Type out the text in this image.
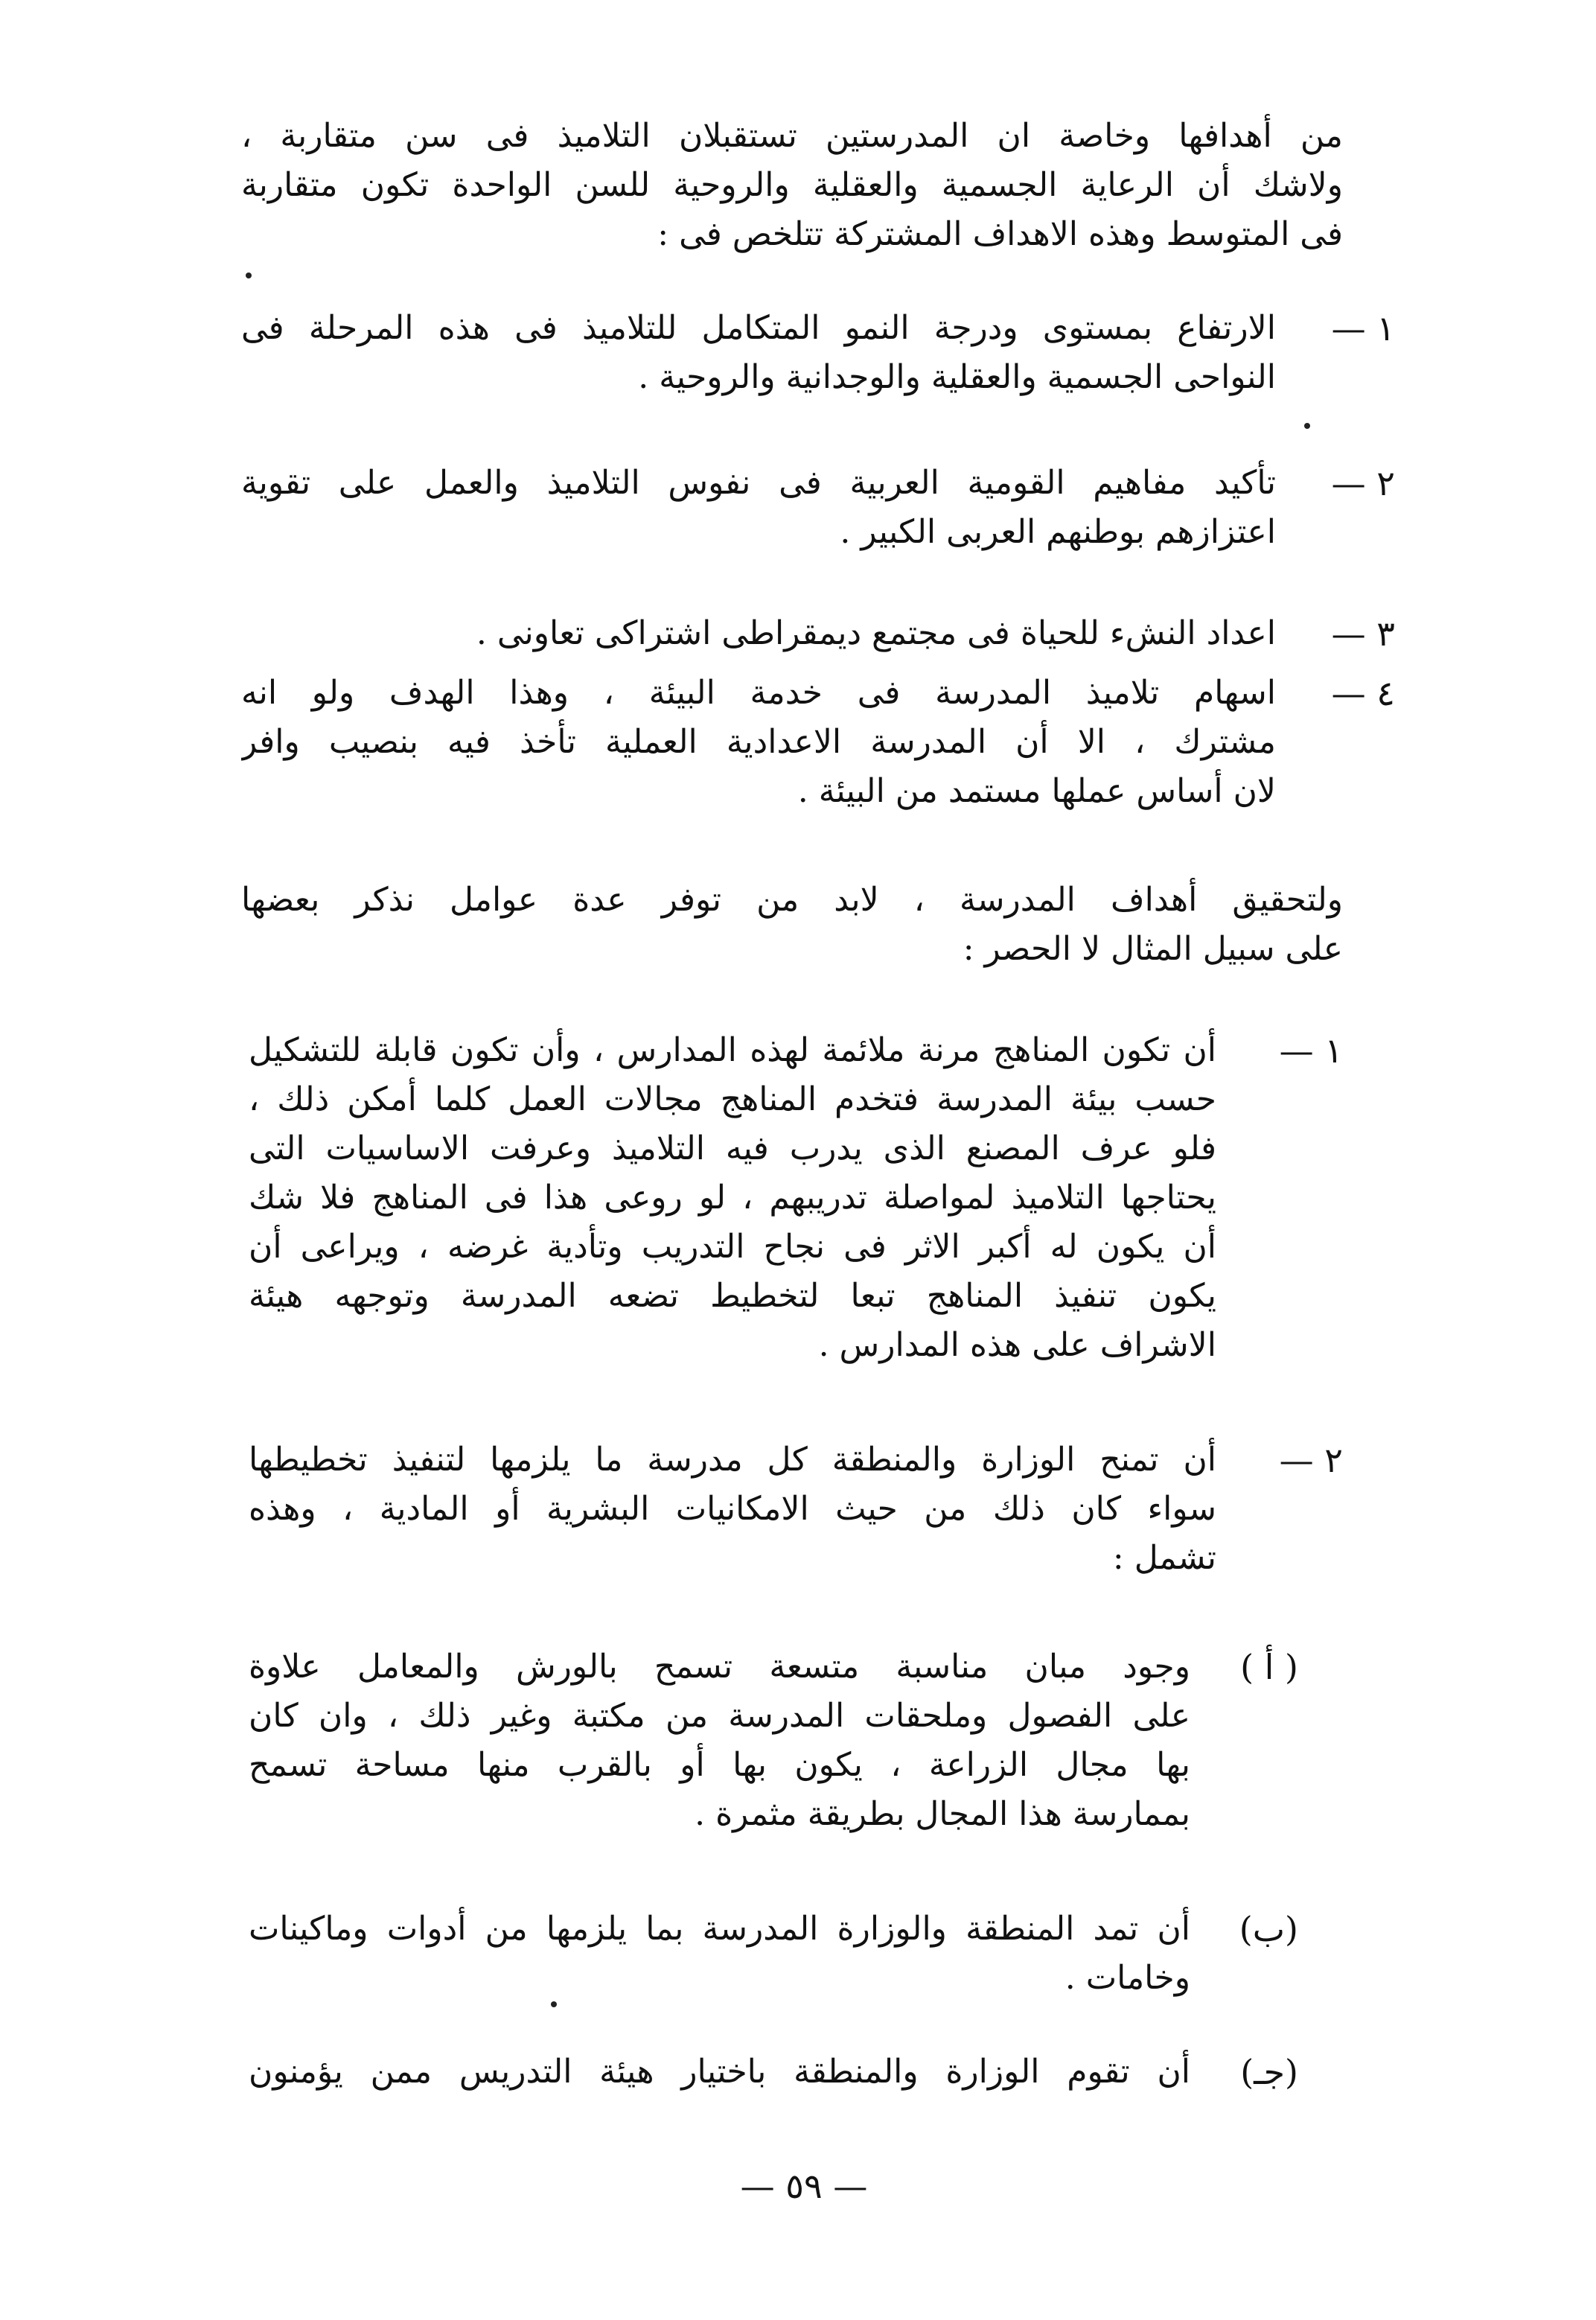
من أهدافها وخاصة ان المدرستين تستقبلان التلاميذ فى سن متقاربة ،
ولاشك أن الرعاية الجسمية والعقلية والروحية للسن الواحدة تكون متقاربة
فى المتوسط وهذه الاهداف المشتركة تتلخص فى :
١ —
الارتفاع بمستوى ودرجة النمو المتكامل للتلاميذ فى هذه المرحلة فى
النواحى الجسمية والعقلية والوجدانية والروحية .
٢ —
تأكيد مفاهيم القومية العربية فى نفوس التلاميذ والعمل على تقوية
اعتزازهم بوطنهم العربى الكبير .
٣ —
اعداد النشء للحياة فى مجتمع ديمقراطى اشتراكى تعاونى .
٤ —
اسهام تلاميذ المدرسة فى خدمة البيئة ، وهذا الهدف ولو انه
مشترك ، الا أن المدرسة الاعدادية العملية تأخذ فيه بنصيب وافر
لان أساس عملها مستمد من البيئة .
ولتحقيق أهداف المدرسة ، لابد من توفر عدة عوامل نذكر بعضها
على سبيل المثال لا الحصر :
١ —
أن تكون المناهج مرنة ملائمة لهذه المدارس ، وأن تكون قابلة للتشكيل
حسب بيئة المدرسة فتخدم المناهج مجالات العمل كلما أمكن ذلك ،
فلو عرف المصنع الذى يدرب فيه التلاميذ وعرفت الاساسيات التى
يحتاجها التلاميذ لمواصلة تدريبهم ، لو روعى هذا فى المناهج فلا شك
أن يكون له أكبر الاثر فى نجاح التدريب وتأدية غرضه ، ويراعى أن
يكون تنفيذ المناهج تبعا لتخطيط تضعه المدرسة وتوجهه هيئة
الاشراف على هذه المدارس .
٢ —
أن تمنح الوزارة والمنطقة كل مدرسة ما يلزمها لتنفيذ تخطيطها
سواء كان ذلك من حيث الامكانيات البشرية أو المادية ، وهذه
تشمل :
( أ )
وجود مبان مناسبة متسعة تسمح بالورش والمعامل علاوة
على الفصول وملحقات المدرسة من مكتبة وغير ذلك ، وان كان
بها مجال الزراعة ، يكون بها أو بالقرب منها مساحة تسمح
بممارسة هذا المجال بطريقة مثمرة .
(ب)
أن تمد المنطقة والوزارة المدرسة بما يلزمها من أدوات وماكينات
وخامات .
(جـ)
أن تقوم الوزارة والمنطقة باختيار هيئة التدريس ممن يؤمنون
— ٥٩ —
